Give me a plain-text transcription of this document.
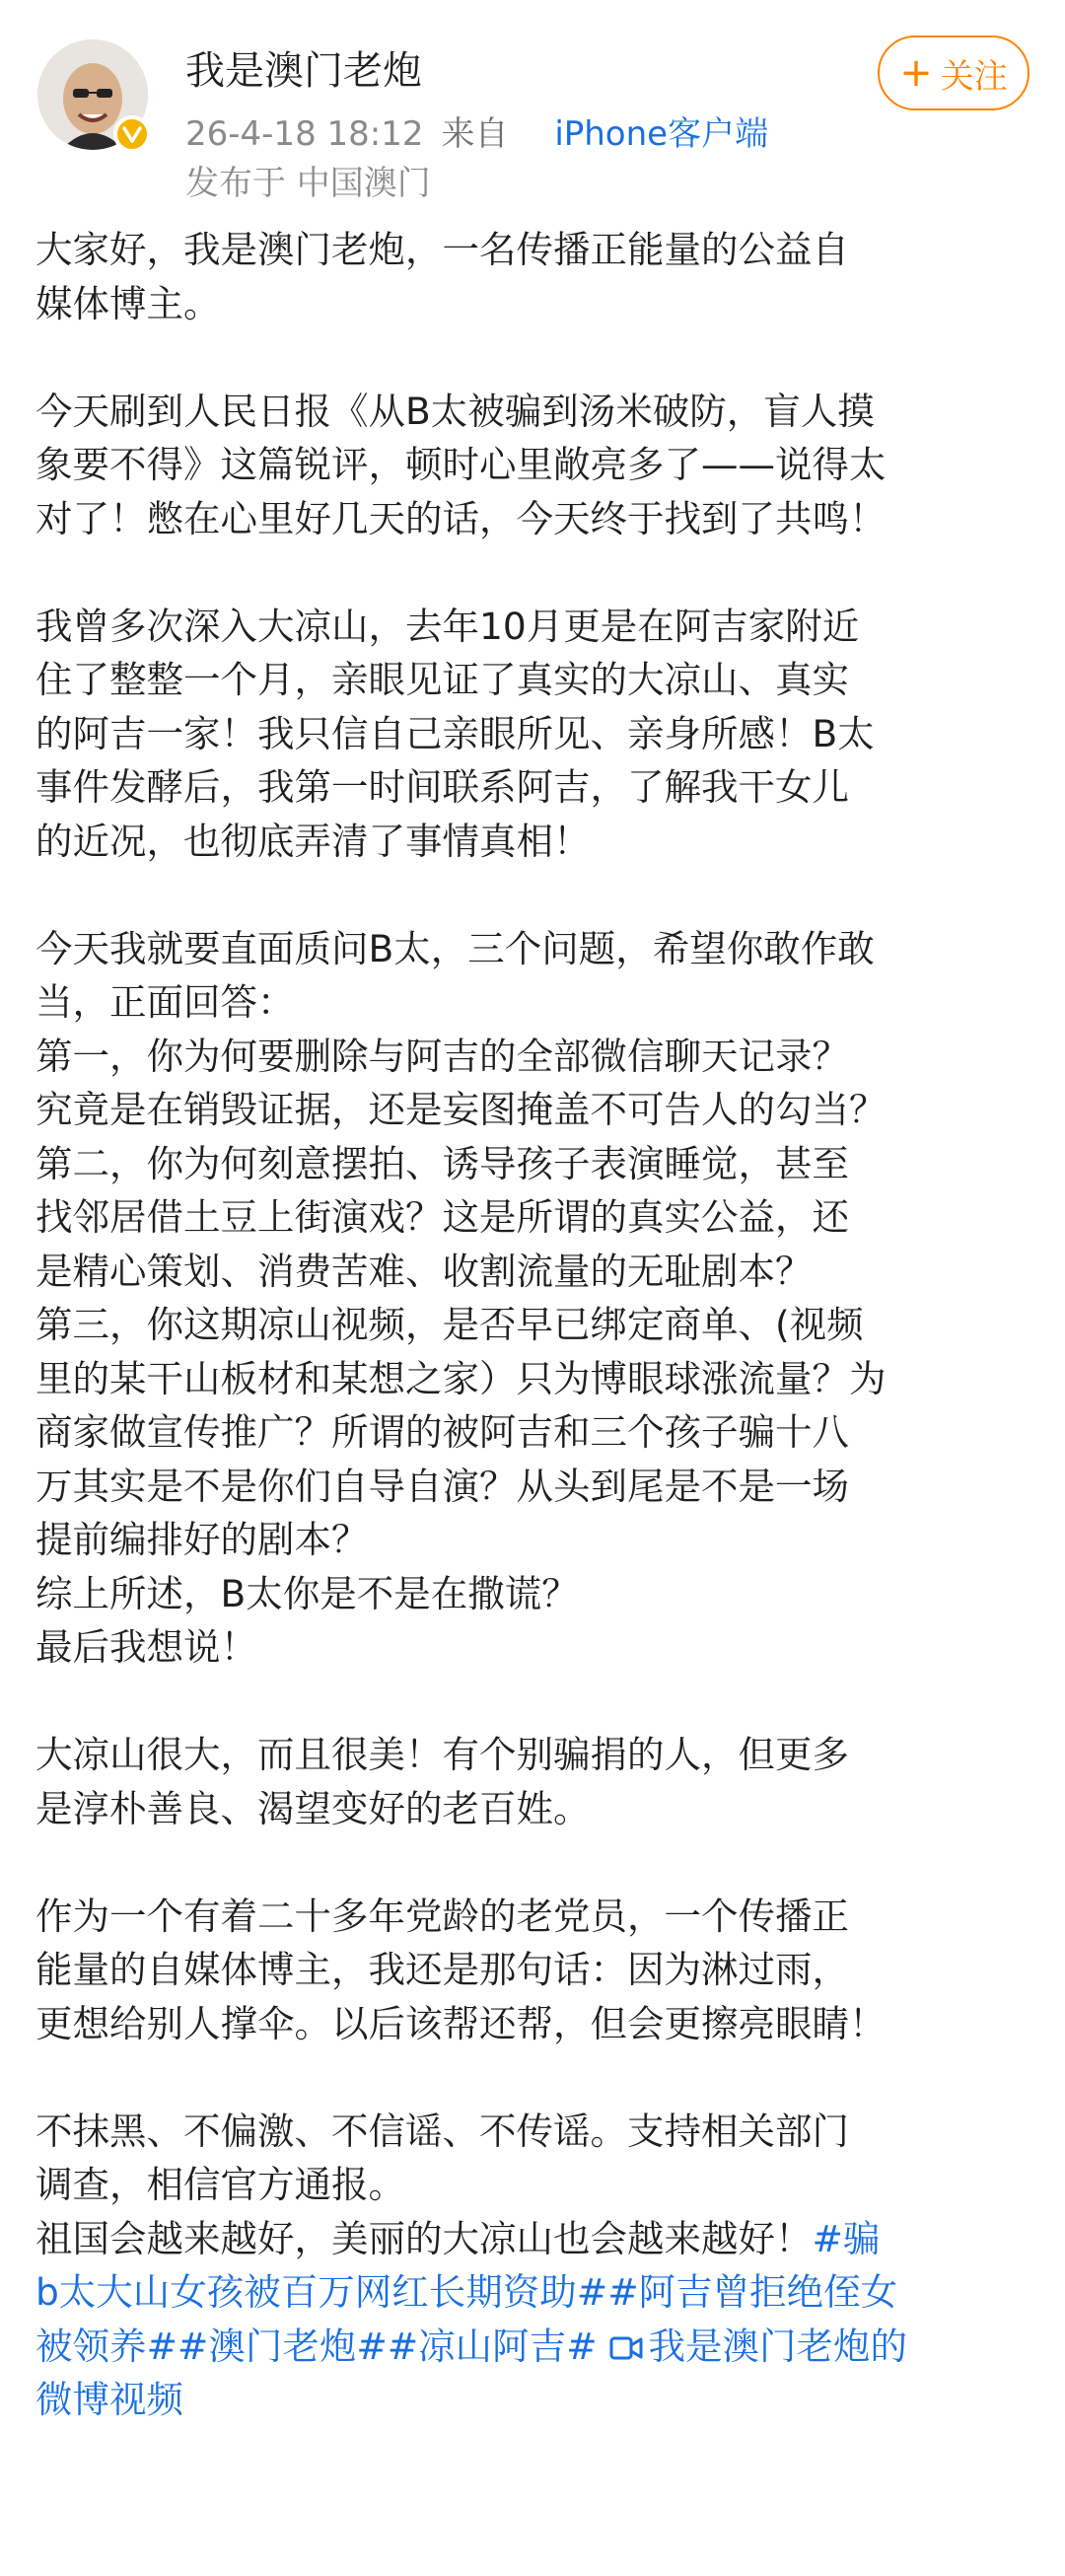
我是澳门老炮
26-4-18 18:12 来自 iPhone客户端
发布于 中国澳门
+ 关注
大家好，我是澳门老炮，一名传播正能量的公益自
媒体博主。
今天刷到人民日报《从B太被骗到汤米破防，盲人摸
象要不得》这篇锐评，顿时心里敞亮多了——说得太
对了！憋在心里好几天的话，今天终于找到了共鸣！
我曾多次深入大凉山，去年10月更是在阿吉家附近
住了整整一个月，亲眼见证了真实的大凉山、真实
的阿吉一家！我只信自己亲眼所见、亲身所感！B太
事件发酵后，我第一时间联系阿吉，了解我干女儿
的近况，也彻底弄清了事情真相！
今天我就要直面质问B太，三个问题，希望你敢作敢
当，正面回答：
第一，你为何要删除与阿吉的全部微信聊天记录？
究竟是在销毁证据，还是妄图掩盖不可告人的勾当？
第二，你为何刻意摆拍、诱导孩子表演睡觉，甚至
找邻居借土豆上街演戏？这是所谓的真实公益，还
是精心策划、消费苦难、收割流量的无耻剧本？
第三，你这期凉山视频，是否早已绑定商单、(视频
里的某干山板材和某想之家）只为博眼球涨流量？为
商家做宣传推广？所谓的被阿吉和三个孩子骗十八
万其实是不是你们自导自演？从头到尾是不是一场
提前编排好的剧本？
综上所述，B太你是不是在撒谎？
最后我想说！
大凉山很大，而且很美！有个别骗捐的人，但更多
是淳朴善良、渴望变好的老百姓。
作为一个有着二十多年党龄的老党员，一个传播正
能量的自媒体博主，我还是那句话：因为淋过雨，
更想给别人撑伞。以后该帮还帮，但会更擦亮眼睛！
不抹黑、不偏激、不信谣、不传谣。支持相关部门
调查，相信官方通报。
祖国会越来越好，美丽的大凉山也会越来越好！#骗
b太大山女孩被百万网红长期资助##阿吉曾拒绝侄女
被领养##澳门老炮##凉山阿吉# 我是澳门老炮的
微博视频
